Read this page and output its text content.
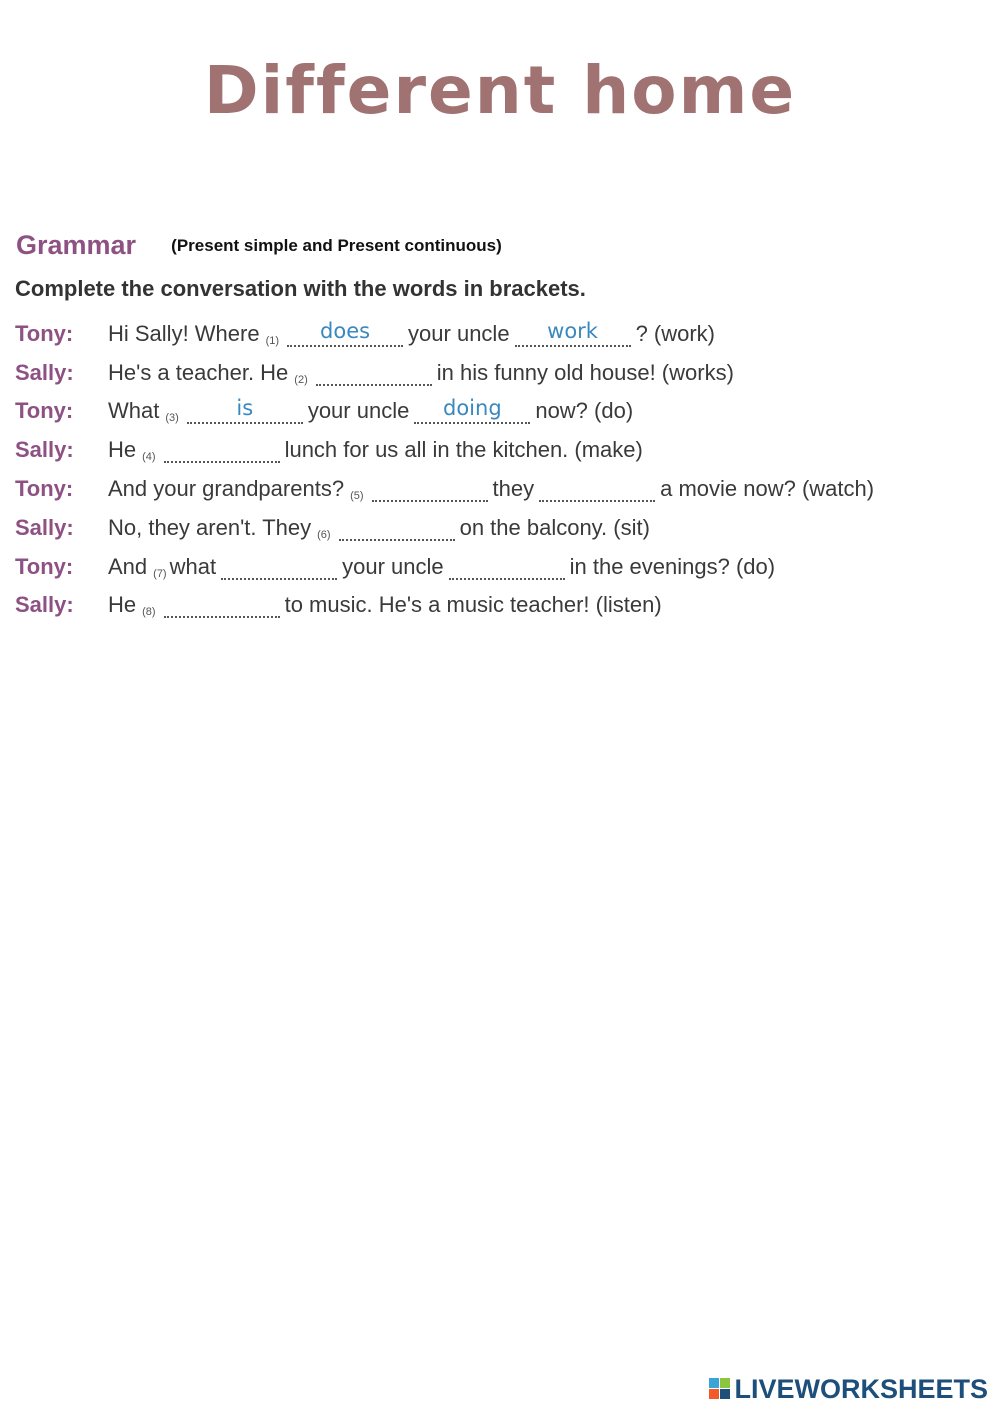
Different home
Grammar (Present simple and Present continuous)
Complete the conversation with the words in brackets.
Tony:	Hi Sally! Where (1)	does	your uncle	work	? (work)
Sally:	He's a teacher. He (2)	in his funny old house! (works)
Tony:	What (3)	is	your uncle	doing	now? (do)
Sally:	He (4)	lunch for us all in the kitchen. (make)
Tony:	And your grandparents? (5)	they	a movie now? (watch)
Sally:	No, they aren't. They (6)	on the balcony. (sit)
Tony:	And (7) what	your uncle	in the evenings? (do)
Sally:	He (8)	to music. He's a music teacher! (listen)
LIVEWORKSHEETS
